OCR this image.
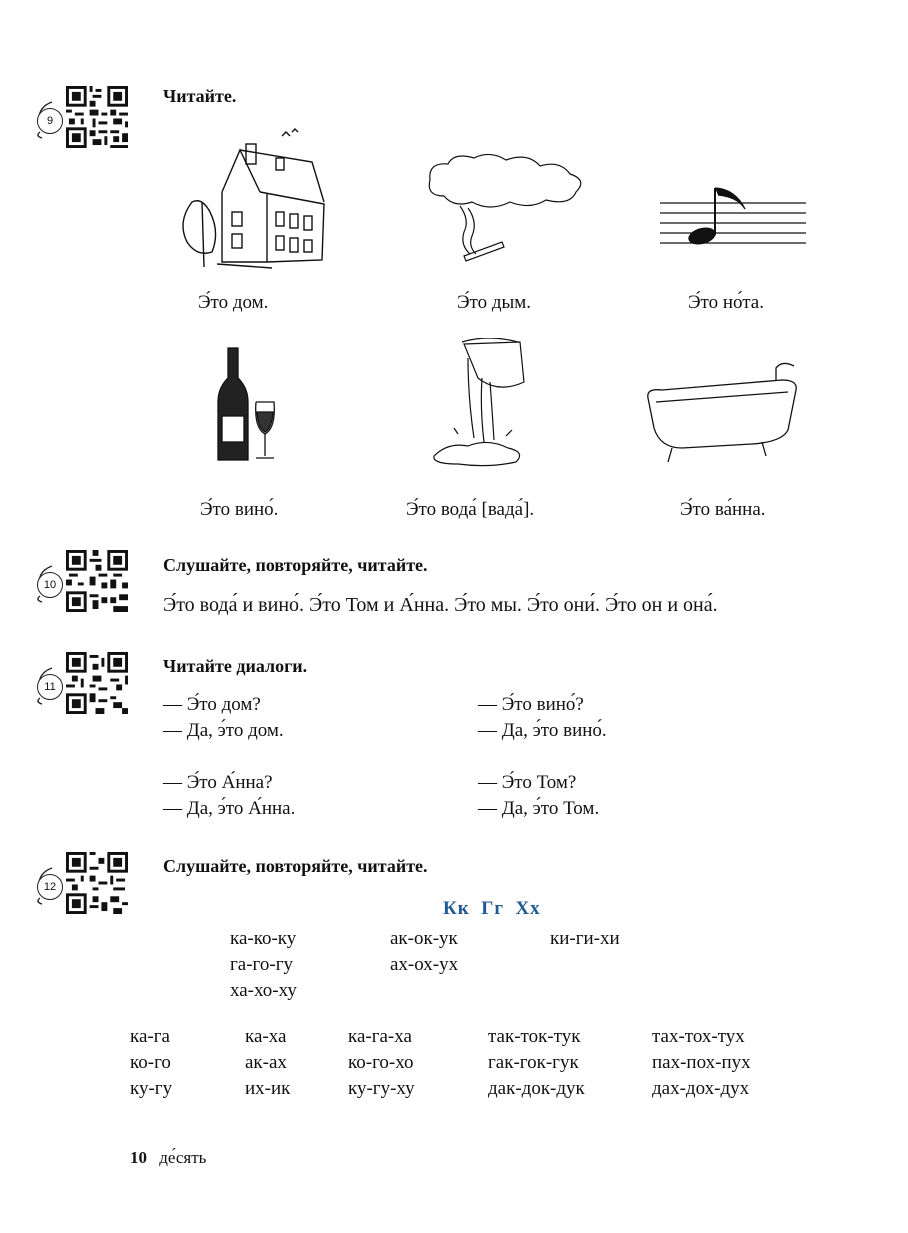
9
Читайте.
Э́то дом.	Э́то дым.	Э́то но́та.
Э́то вино́.	Э́то вода́ [вада́].	Э́то ва́нна.
10
Слушайте, повторяйте, читайте.
Э́то вода́ и вино́. Э́то Том и А́нна. Э́то мы. Э́то они́. Э́то он и она́.
11
Читайте диалоги.
— Э́то дом?
— Да, э́то дом.
— Э́то вино́?
— Да, э́то вино́.
— Э́то А́нна?
— Да, э́то А́нна.
— Э́то Том?
— Да, э́то Том.
12
Слушайте, повторяйте, читайте.
Кк  Гг  Хх
ка-ко-ку	ак-ок-ук	ки-ги-хи
га-го-гу	ах-ох-ух
ха-хо-ху
ка-га	ка-ха	ка-га-ха	так-ток-тук	тах-тох-тух
ко-го	ак-ах	ко-го-хо	гак-гок-гук	пах-пох-пух
ку-гу	их-ик	ку-гу-ху	дак-док-дук	дах-дох-дух
10 де́сять
